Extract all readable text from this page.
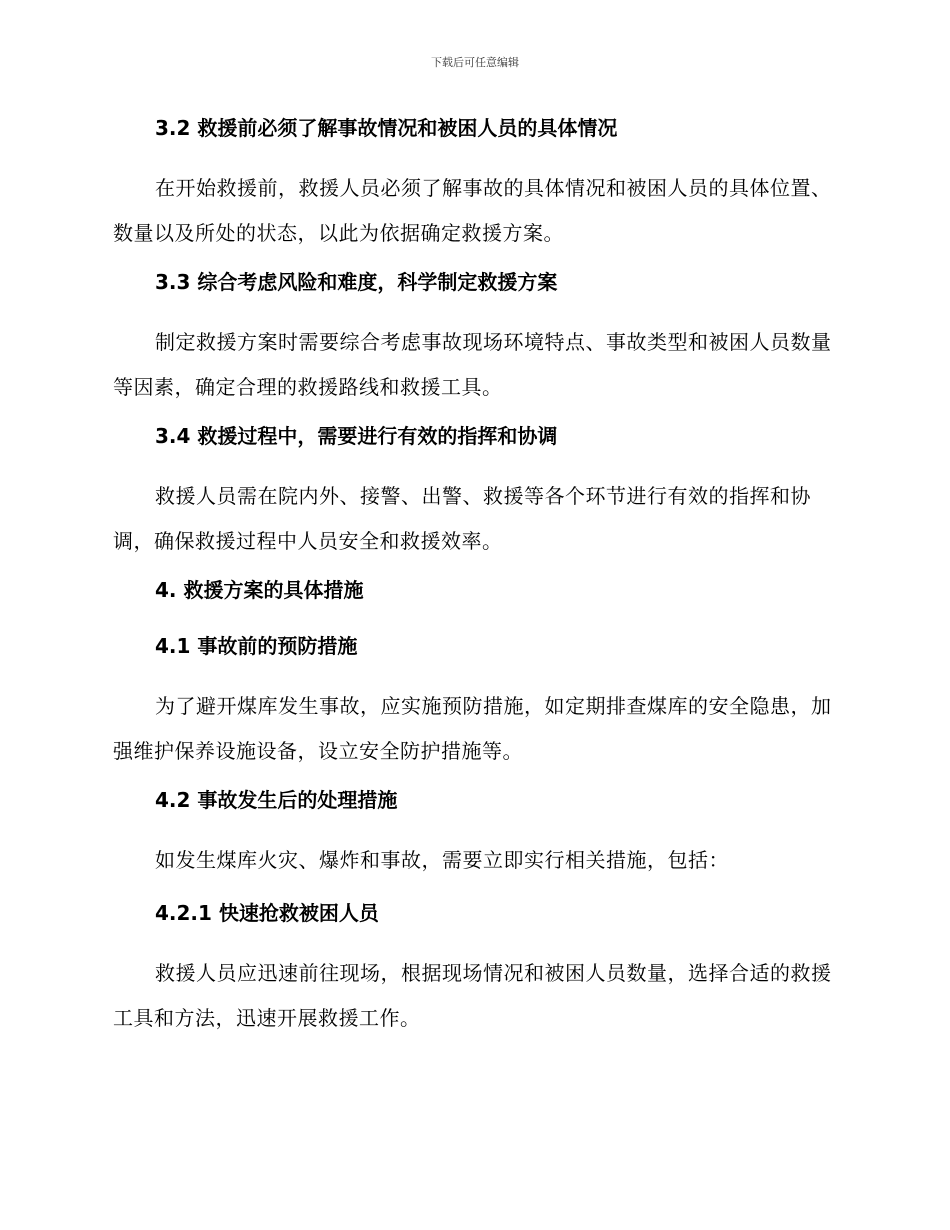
下载后可任意编辑
3.2 救援前必须了解事故情况和被困人员的具体情况

在开始救援前，救援人员必须了解事故的具体情况和被困人员的具体位置、数量以及所处的状态，以此为依据确定救援方案。

3.3 综合考虑风险和难度，科学制定救援方案

制定救援方案时需要综合考虑事故现场环境特点、事故类型和被困人员数量等因素，确定合理的救援路线和救援工具。

3.4 救援过程中，需要进行有效的指挥和协调

救援人员需在院内外、接警、出警、救援等各个环节进行有效的指挥和协调，确保救援过程中人员安全和救援效率。

4. 救援方案的具体措施
4.1 事故前的预防措施

为了避开煤库发生事故，应实施预防措施，如定期排查煤库的安全隐患，加强维护保养设施设备，设立安全防护措施等。

4.2 事故发生后的处理措施

如发生煤库火灾、爆炸和事故，需要立即实行相关措施，包括：

4.2.1 快速抢救被困人员

救援人员应迅速前往现场，根据现场情况和被困人员数量，选择合适的救援工具和方法，迅速开展救援工作。
